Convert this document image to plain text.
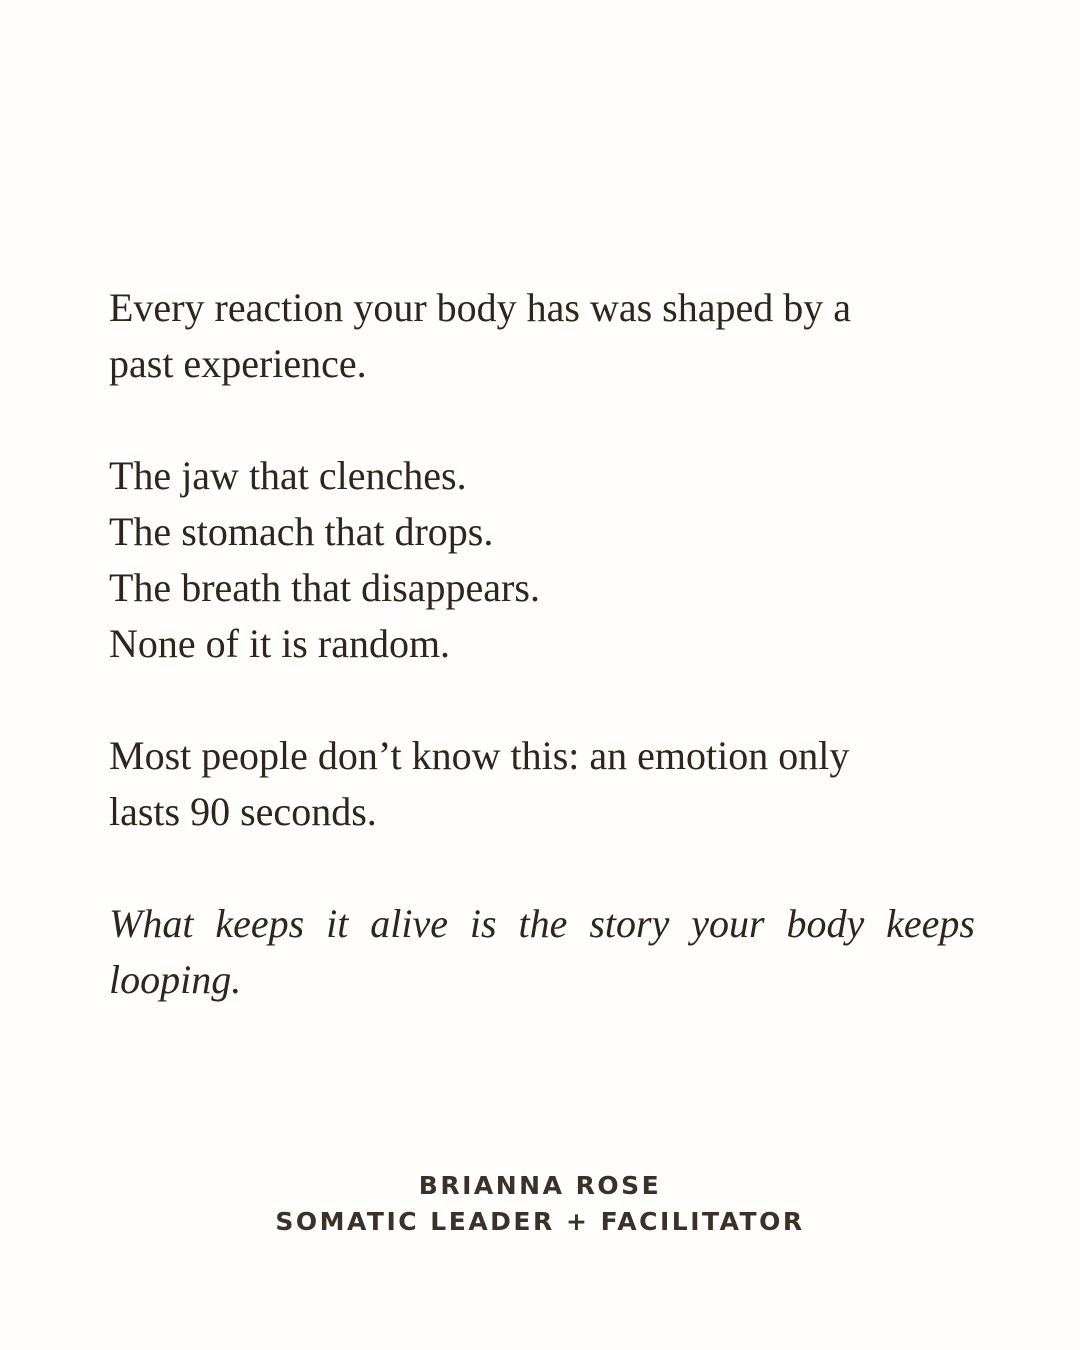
Every reaction your body has was shaped by a
past experience.

The jaw that clenches.
The stomach that drops.
The breath that disappears.
None of it is random.

Most people don’t know this: an emotion only
lasts 90 seconds.

What keeps it alive is the story your body keeps looping.

BRIANNA ROSE
SOMATIC LEADER + FACILITATOR
